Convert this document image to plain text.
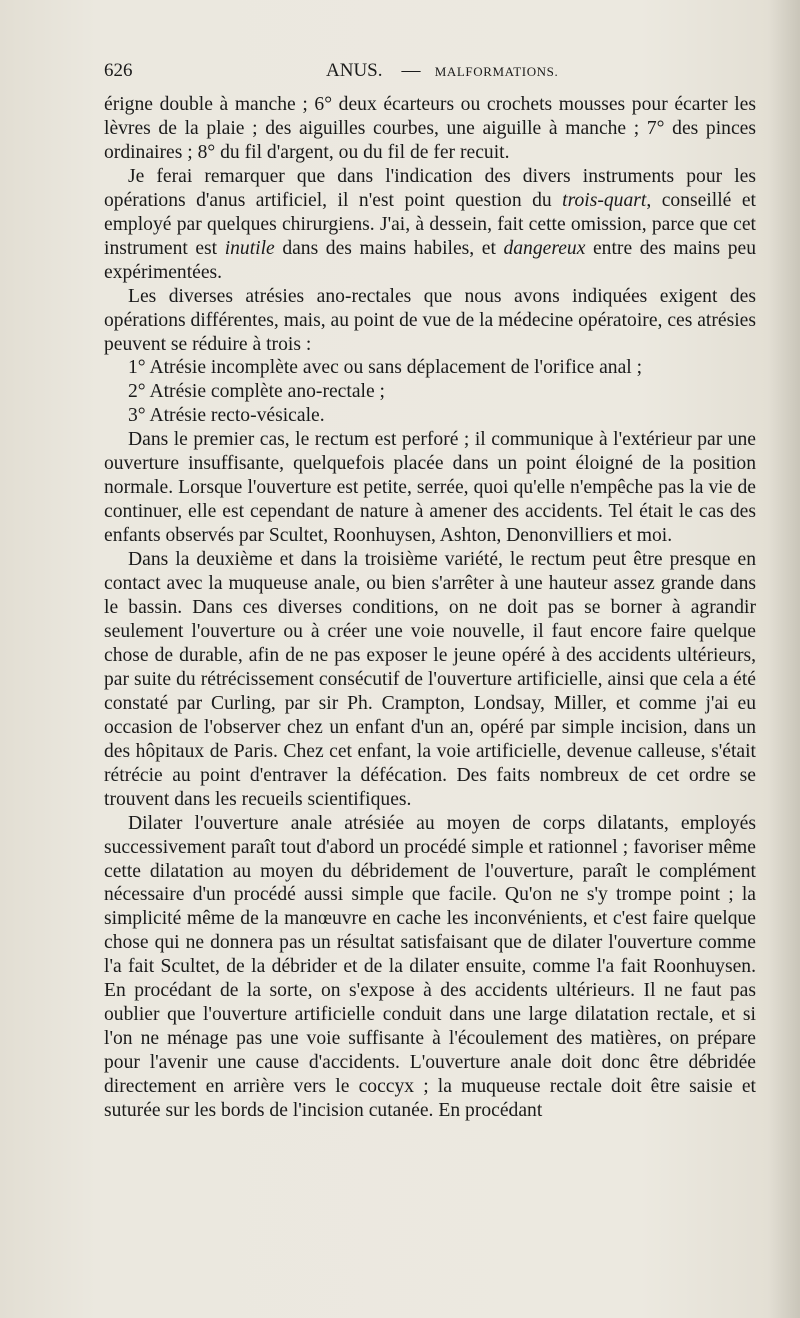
626	ANUS. — MALFORMATIONS.

érigne double à manche ; 6° deux écarteurs ou crochets mousses pour écarter les lèvres de la plaie ; des aiguilles courbes, une aiguille à manche ; 7° des pinces ordinaires ; 8° du fil d'argent, ou du fil de fer recuit.

Je ferai remarquer que dans l'indication des divers instruments pour les opérations d'anus artificiel, il n'est point question du trois-quart, conseillé et employé par quelques chirurgiens. J'ai, à dessein, fait cette omission, parce que cet instrument est inutile dans des mains habiles, et dangereux entre des mains peu expérimentées.

Les diverses atrésies ano-rectales que nous avons indiquées exigent des opérations différentes, mais, au point de vue de la médecine opératoire, ces atrésies peuvent se réduire à trois :

1° Atrésie incomplète avec ou sans déplacement de l'orifice anal ;

2° Atrésie complète ano-rectale ;

3° Atrésie recto-vésicale.

Dans le premier cas, le rectum est perforé ; il communique à l'extérieur par une ouverture insuffisante, quelquefois placée dans un point éloigné de la position normale. Lorsque l'ouverture est petite, serrée, quoi qu'elle n'empêche pas la vie de continuer, elle est cependant de nature à amener des accidents. Tel était le cas des enfants observés par Scultet, Roonhuysen, Ashton, Denonvilliers et moi.

Dans la deuxième et dans la troisième variété, le rectum peut être presque en contact avec la muqueuse anale, ou bien s'arrêter à une hauteur assez grande dans le bassin. Dans ces diverses conditions, on ne doit pas se borner à agrandir seulement l'ouverture ou à créer une voie nouvelle, il faut encore faire quelque chose de durable, afin de ne pas exposer le jeune opéré à des accidents ultérieurs, par suite du rétrécissement consécutif de l'ouverture artificielle, ainsi que cela a été constaté par Curling, par sir Ph. Crampton, Londsay, Miller, et comme j'ai eu occasion de l'observer chez un enfant d'un an, opéré par simple incision, dans un des hôpitaux de Paris. Chez cet enfant, la voie artificielle, devenue calleuse, s'était rétrécie au point d'entraver la défécation. Des faits nombreux de cet ordre se trouvent dans les recueils scientifiques.

Dilater l'ouverture anale atrésiée au moyen de corps dilatants, employés successivement paraît tout d'abord un procédé simple et rationnel ; favoriser même cette dilatation au moyen du débridement de l'ouverture, paraît le complément nécessaire d'un procédé aussi simple que facile. Qu'on ne s'y trompe point ; la simplicité même de la manœuvre en cache les inconvénients, et c'est faire quelque chose qui ne donnera pas un résultat satisfaisant que de dilater l'ouverture comme l'a fait Scultet, de la débrider et de la dilater ensuite, comme l'a fait Roonhuysen. En procédant de la sorte, on s'expose à des accidents ultérieurs. Il ne faut pas oublier que l'ouverture artificielle conduit dans une large dilatation rectale, et si l'on ne ménage pas une voie suffisante à l'écoulement des matières, on prépare pour l'avenir une cause d'accidents. L'ouverture anale doit donc être débridée directement en arrière vers le coccyx ; la muqueuse rectale doit être saisie et suturée sur les bords de l'incision cutanée. En procédant
